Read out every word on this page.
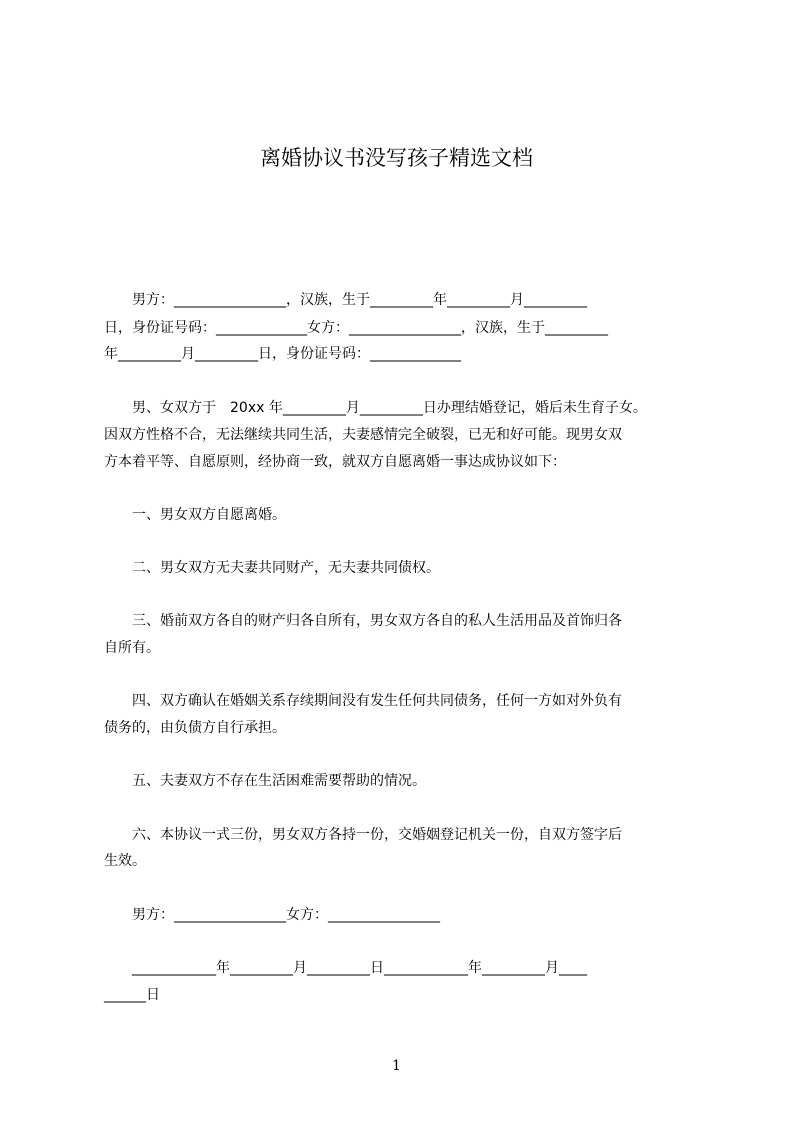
离婚协议书没写孩子精选文档
　　男方：________________，汉族，生于_________年_________月_________
日，身份证号码：_____________女方：________________，汉族，生于_________
年_________月_________日，身份证号码：_____________
　　男、女双方于　20xx 年_________月_________日办理结婚登记，婚后未生育子女。
因双方性格不合，无法继续共同生活，夫妻感情完全破裂，已无和好可能。现男女双
方本着平等、自愿原则，经协商一致，就双方自愿离婚一事达成协议如下：
　　一、男女双方自愿离婚。
　　二、男女双方无夫妻共同财产，无夫妻共同债权。
　　三、婚前双方各自的财产归各自所有，男女双方各自的私人生活用品及首饰归各
自所有。
　　四、双方确认在婚姻关系存续期间没有发生任何共同债务，任何一方如对外负有
债务的，由负债方自行承担。
　　五、夫妻双方不存在生活困难需要帮助的情况。
　　六、本协议一式三份，男女双方各持一份，交婚姻登记机关一份，自双方签字后
生效。
　　男方：________________女方：________________
　　____________年_________月_________日____________年_________月____
______日
1
